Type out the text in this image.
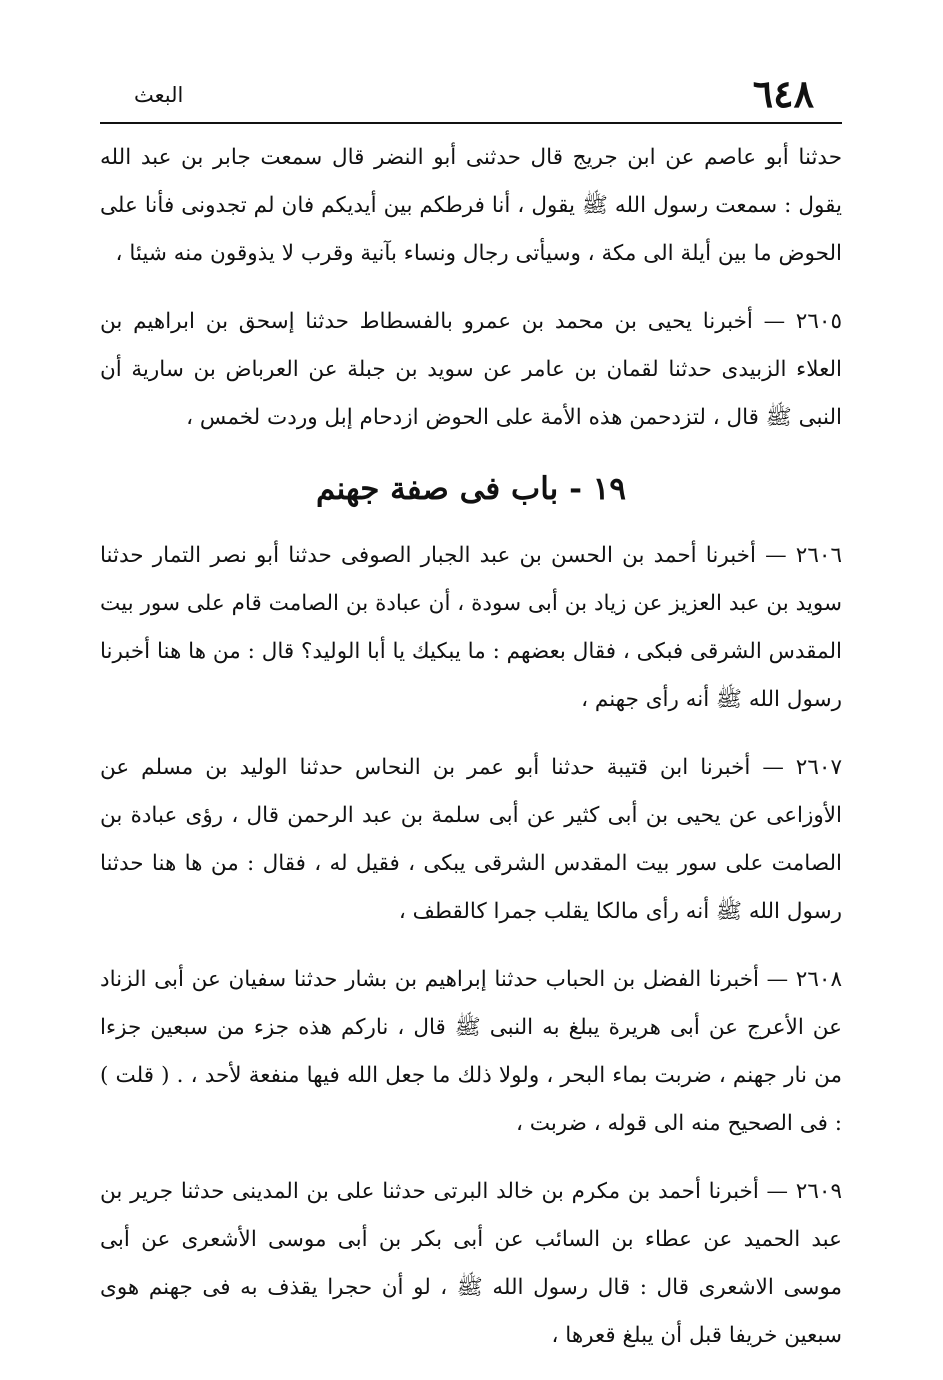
٦٤٨
البعث

حدثنا أبو عاصم عن ابن جريج قال حدثنى أبو النضر قال سمعت جابر بن عبد الله يقول : سمعت رسول الله ﷺ يقول ، أنا فرطكم بين أيديكم فان لم تجدونى فأنا على الحوض ما بين أيلة الى مكة ، وسيأتى رجال ونساء بآنية وقرب لا يذوقون منه شيئا ،

٢٦٠٥ — أخبرنا يحيى بن محمد بن عمرو بالفسطاط حدثنا إسحق بن ابراهيم بن العلاء الزبيدى حدثنا لقمان بن عامر عن سويد بن جبلة عن العرباض بن سارية أن النبى ﷺ قال ، لتزدحمن هذه الأمة على الحوض ازدحام إبل وردت لخمس ،

١٩ - باب فى صفة جهنم

٢٦٠٦ — أخبرنا أحمد بن الحسن بن عبد الجبار الصوفى حدثنا أبو نصر التمار حدثنا سويد بن عبد العزيز عن زياد بن أبى سودة ، أن عبادة بن الصامت قام على سور بيت المقدس الشرقى فبكى ، فقال بعضهم : ما يبكيك يا أبا الوليد؟ قال : من ها هنا أخبرنا رسول الله ﷺ أنه رأى جهنم ،

٢٦٠٧ — أخبرنا ابن قتيبة حدثنا أبو عمر بن النحاس حدثنا الوليد بن مسلم عن الأوزاعى عن يحيى بن أبى كثير عن أبى سلمة بن عبد الرحمن قال ، رؤى عبادة بن الصامت على سور بيت المقدس الشرقى يبكى ، فقيل له ، فقال : من ها هنا حدثنا رسول الله ﷺ أنه رأى مالكا يقلب جمرا كالقطف ،

٢٦٠٨ — أخبرنا الفضل بن الحباب حدثنا إبراهيم بن بشار حدثنا سفيان عن أبى الزناد عن الأعرج عن أبى هريرة يبلغ به النبى ﷺ قال ، ناركم هذه جزء من سبعين جزءا من نار جهنم ، ضربت بماء البحر ، ولولا ذلك ما جعل الله فيها منفعة لأحد ، . ( قلت ) : فى الصحيح منه الى قوله ، ضربت ،

٢٦٠٩ — أخبرنا أحمد بن مكرم بن خالد البرتى حدثنا على بن المدينى حدثنا جرير بن عبد الحميد عن عطاء بن السائب عن أبى بكر بن أبى موسى الأشعرى عن أبى موسى الاشعرى قال : قال رسول الله ﷺ ، لو أن حجرا يقذف به فى جهنم هوى سبعين خريفا قبل أن يبلغ قعرها ،
